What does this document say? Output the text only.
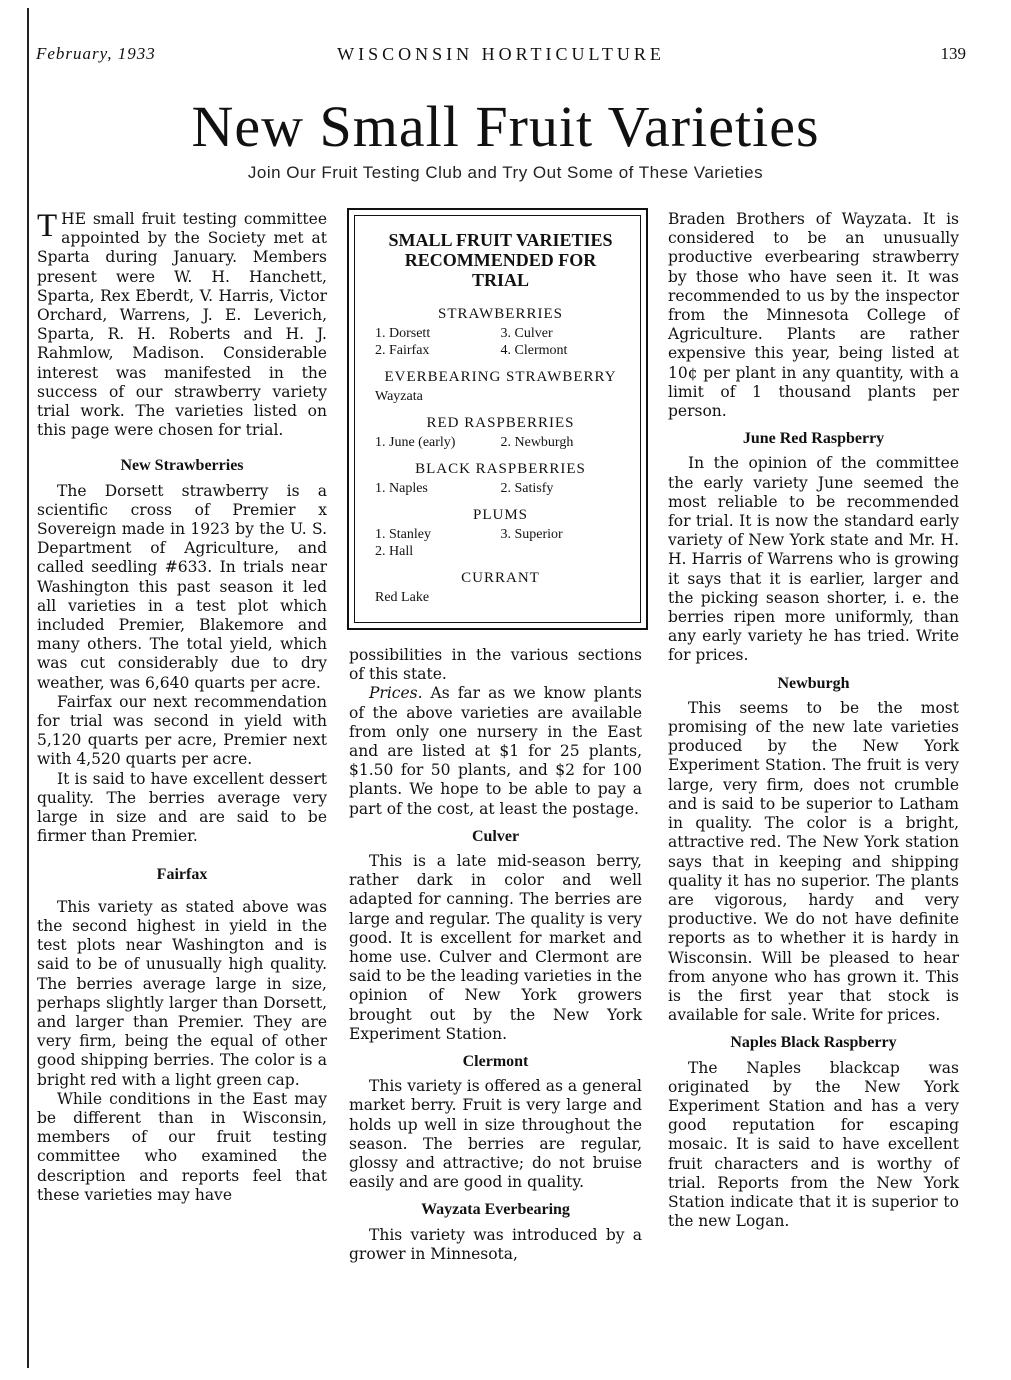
February, 1933	WISCONSIN HORTICULTURE	139
New Small Fruit Varieties
Join Our Fruit Testing Club and Try Out Some of These Varieties

THE small fruit testing committee appointed by the Society met at Sparta during January. Members present were W. H. Hanchett, Sparta, Rex Eberdt, V. Harris, Victor Orchard, Warrens, J. E. Leverich, Sparta, R. H. Roberts and H. J. Rahmlow, Madison. Considerable interest was manifested in the success of our strawberry variety trial work. The varieties listed on this page were chosen for trial.

New Strawberries

The Dorsett strawberry is a scientific cross of Premier x Sovereign made in 1923 by the U. S. Department of Agriculture, and called seedling #633. In trials near Washington this past season it led all varieties in a test plot which included Premier, Blakemore and many others. The total yield, which was cut considerably due to dry weather, was 6,640 quarts per acre.

Fairfax our next recommendation for trial was second in yield with 5,120 quarts per acre, Premier next with 4,520 quarts per acre.

It is said to have excellent dessert quality. The berries average very large in size and are said to be firmer than Premier.

Fairfax

This variety as stated above was the second highest in yield in the test plots near Washington and is said to be of unusually high quality. The berries average large in size, perhaps slightly larger than Dorsett, and larger than Premier. They are very firm, being the equal of other good shipping berries. The color is a bright red with a light green cap.

While conditions in the East may be different than in Wisconsin, members of our fruit testing committee who examined the description and reports feel that these varieties may have

SMALL FRUIT VARIETIES RECOMMENDED FOR TRIAL
STRAWBERRIES
1. Dorsett	3. Culver
2. Fairfax	4. Clermont
EVERBEARING STRAWBERRY
Wayzata
RED RASPBERRIES
1. June (early)	2. Newburgh
BLACK RASPBERRIES
1. Naples	2. Satisfy
PLUMS
1. Stanley	3. Superior
2. Hall
CURRANT
Red Lake

possibilities in the various sections of this state.

Prices. As far as we know plants of the above varieties are available from only one nursery in the East and are listed at $1 for 25 plants, $1.50 for 50 plants, and $2 for 100 plants. We hope to be able to pay a part of the cost, at least the postage.

Culver

This is a late mid-season berry, rather dark in color and well adapted for canning. The berries are large and regular. The quality is very good. It is excellent for market and home use. Culver and Clermont are said to be the leading varieties in the opinion of New York growers brought out by the New York Experiment Station.

Clermont

This variety is offered as a general market berry. Fruit is very large and holds up well in size throughout the season. The berries are regular, glossy and attractive; do not bruise easily and are good in quality.

Wayzata Everbearing

This variety was introduced by a grower in Minnesota,

Braden Brothers of Wayzata. It is considered to be an unusually productive everbearing strawberry by those who have seen it. It was recommended to us by the inspector from the Minnesota College of Agriculture. Plants are rather expensive this year, being listed at 10¢ per plant in any quantity, with a limit of 1 thousand plants per person.

June Red Raspberry

In the opinion of the committee the early variety June seemed the most reliable to be recommended for trial. It is now the standard early variety of New York state and Mr. H. H. Harris of Warrens who is growing it says that it is earlier, larger and the picking season shorter, i. e. the berries ripen more uniformly, than any early variety he has tried. Write for prices.

Newburgh

This seems to be the most promising of the new late varieties produced by the New York Experiment Station. The fruit is very large, very firm, does not crumble and is said to be superior to Latham in quality. The color is a bright, attractive red. The New York station says that in keeping and shipping quality it has no superior. The plants are vigorous, hardy and very productive. We do not have definite reports as to whether it is hardy in Wisconsin. Will be pleased to hear from anyone who has grown it. This is the first year that stock is available for sale. Write for prices.

Naples Black Raspberry

The Naples blackcap was originated by the New York Experiment Station and has a very good reputation for escaping mosaic. It is said to have excellent fruit characters and is worthy of trial. Reports from the New York Station indicate that it is superior to the new Logan.
